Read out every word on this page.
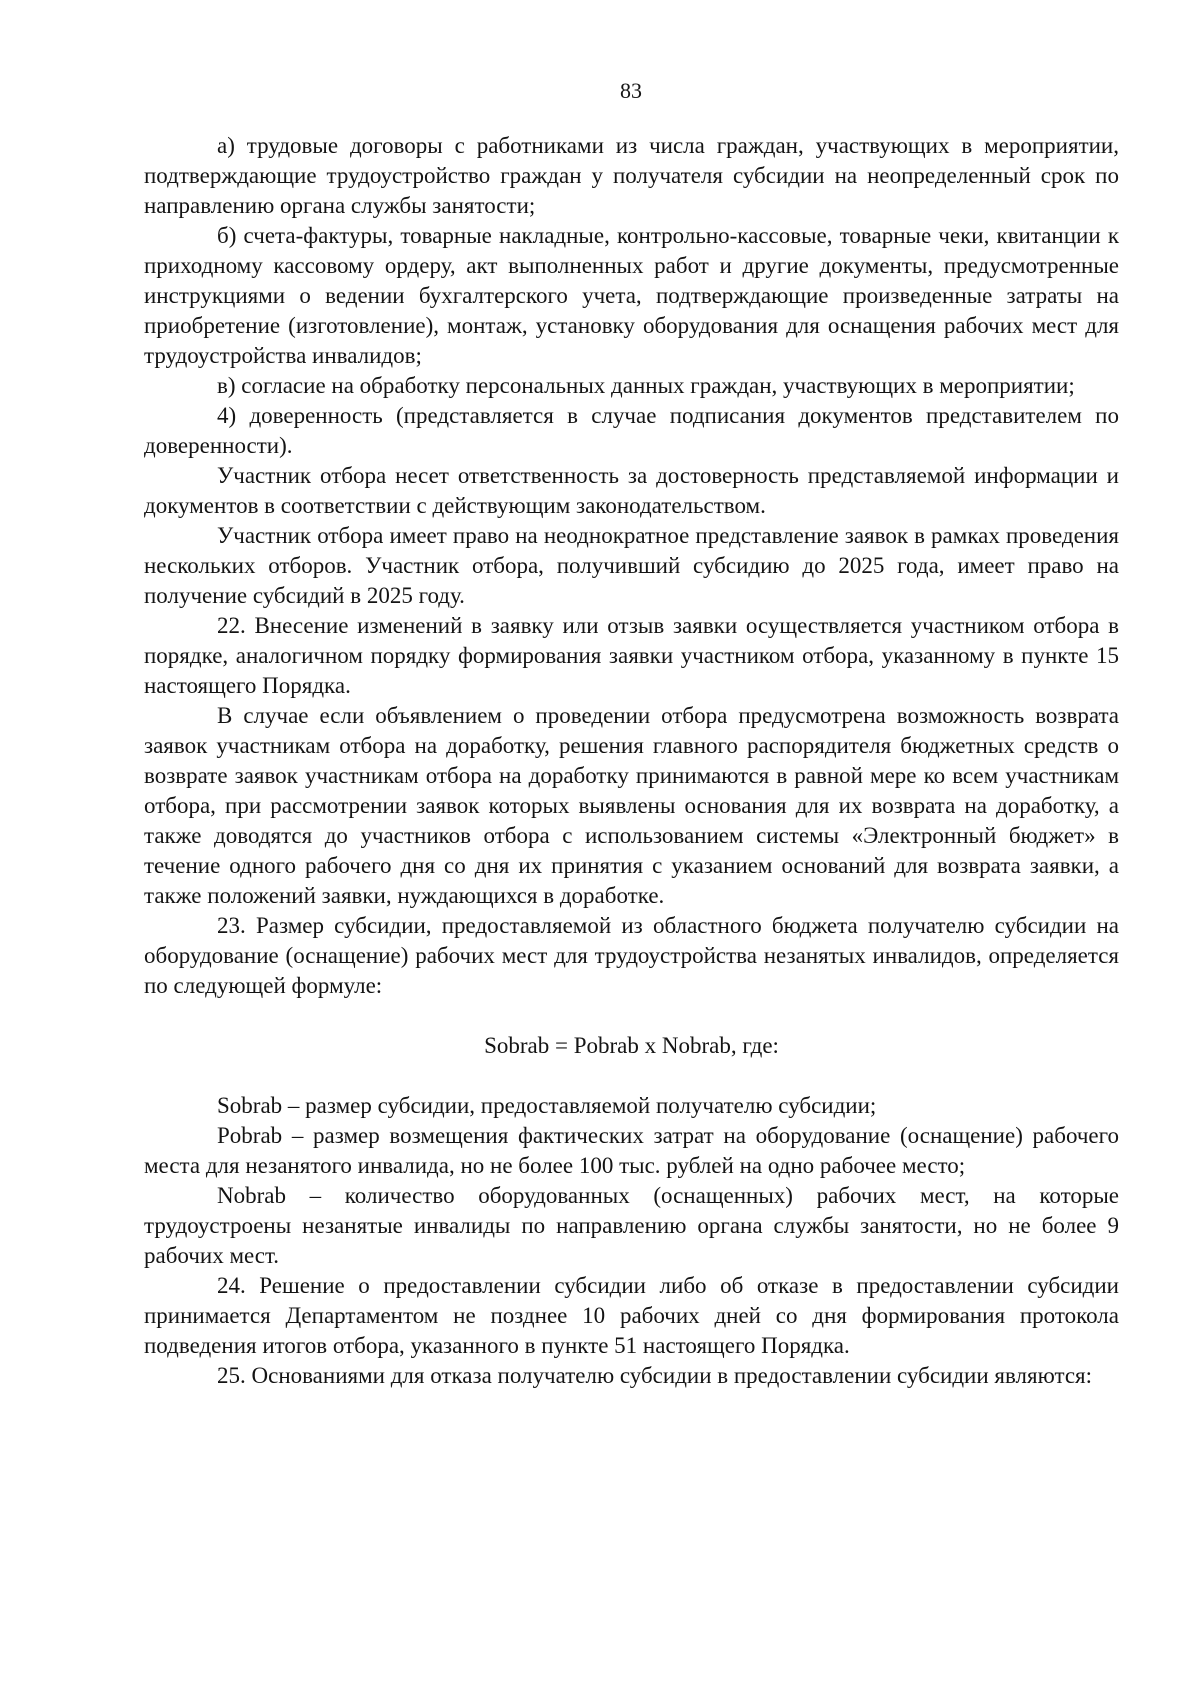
83

а) трудовые договоры с работниками из числа граждан, участвующих в мероприятии, подтверждающие трудоустройство граждан у получателя субсидии на неопределенный срок по направлению органа службы занятости;

б) счета-фактуры, товарные накладные, контрольно-кассовые, товарные чеки, квитанции к приходному кассовому ордеру, акт выполненных работ и другие документы, предусмотренные инструкциями о ведении бухгалтерского учета, подтверждающие произведенные затраты на приобретение (изготовление), монтаж, установку оборудования для оснащения рабочих мест для трудоустройства инвалидов;

в) согласие на обработку персональных данных граждан, участвующих в мероприятии;

4) доверенность (представляется в случае подписания документов представителем по доверенности).

Участник отбора несет ответственность за достоверность представляемой информации и документов в соответствии с действующим законодательством.

Участник отбора имеет право на неоднократное представление заявок в рамках проведения нескольких отборов. Участник отбора, получивший субсидию до 2025 года, имеет право на получение субсидий в 2025 году.

22. Внесение изменений в заявку или отзыв заявки осуществляется участником отбора в порядке, аналогичном порядку формирования заявки участником отбора, указанному в пункте 15 настоящего Порядка.

В случае если объявлением о проведении отбора предусмотрена возможность возврата заявок участникам отбора на доработку, решения главного распорядителя бюджетных средств о возврате заявок участникам отбора на доработку принимаются в равной мере ко всем участникам отбора, при рассмотрении заявок которых выявлены основания для их возврата на доработку, а также доводятся до участников отбора с использованием системы «Электронный бюджет» в течение одного рабочего дня со дня их принятия с указанием оснований для возврата заявки, а также положений заявки, нуждающихся в доработке.

23. Размер субсидии, предоставляемой из областного бюджета получателю субсидии на оборудование (оснащение) рабочих мест для трудоустройства незанятых инвалидов, определяется по следующей формуле:

Sobrab = Pobrab x Nobrab, где:

Sobrab – размер субсидии, предоставляемой получателю субсидии;

Pobrab – размер возмещения фактических затрат на оборудование (оснащение) рабочего места для незанятого инвалида, но не более 100 тыс. рублей на одно рабочее место;

Nobrab – количество оборудованных (оснащенных) рабочих мест, на которые трудоустроены незанятые инвалиды по направлению органа службы занятости, но не более 9 рабочих мест.

24. Решение о предоставлении субсидии либо об отказе в предоставлении субсидии принимается Департаментом не позднее 10 рабочих дней со дня формирования протокола подведения итогов отбора, указанного в пункте 51 настоящего Порядка.

25. Основаниями для отказа получателю субсидии в предоставлении субсидии являются:
